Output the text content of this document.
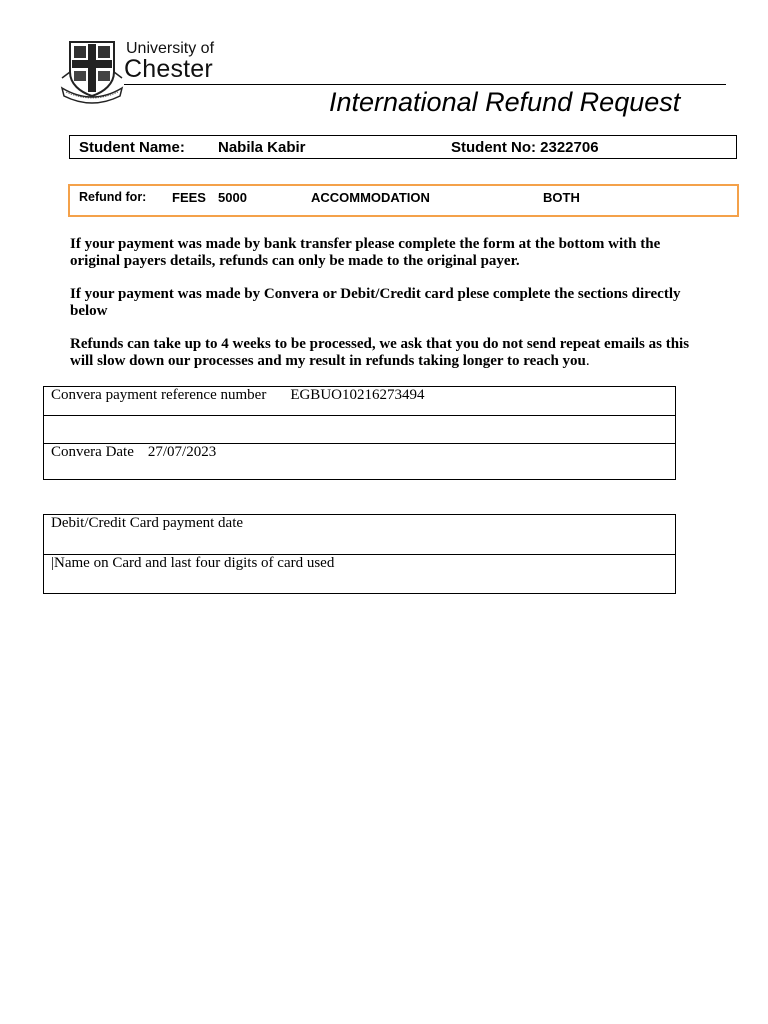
University of
Chester
International Refund Request
Student Name: Nabila Kabir	Student No: 2322706
Refund for: FEES 5000	ACCOMMODATION	BOTH
If your payment was made by bank transfer please complete the form at the bottom with the original payers details, refunds can only be made to the original payer.
If your payment was made by Convera or Debit/Credit card plese complete the sections directly below
Refunds can take up to 4 weeks to be processed, we ask that you do not send repeat emails as this will slow down our processes and my result in refunds taking longer to reach you.
Convera payment reference number EGBUO10216273494

Convera Date 27/07/2023
Debit/Credit Card payment date
|Name on Card and last four digits of card used
